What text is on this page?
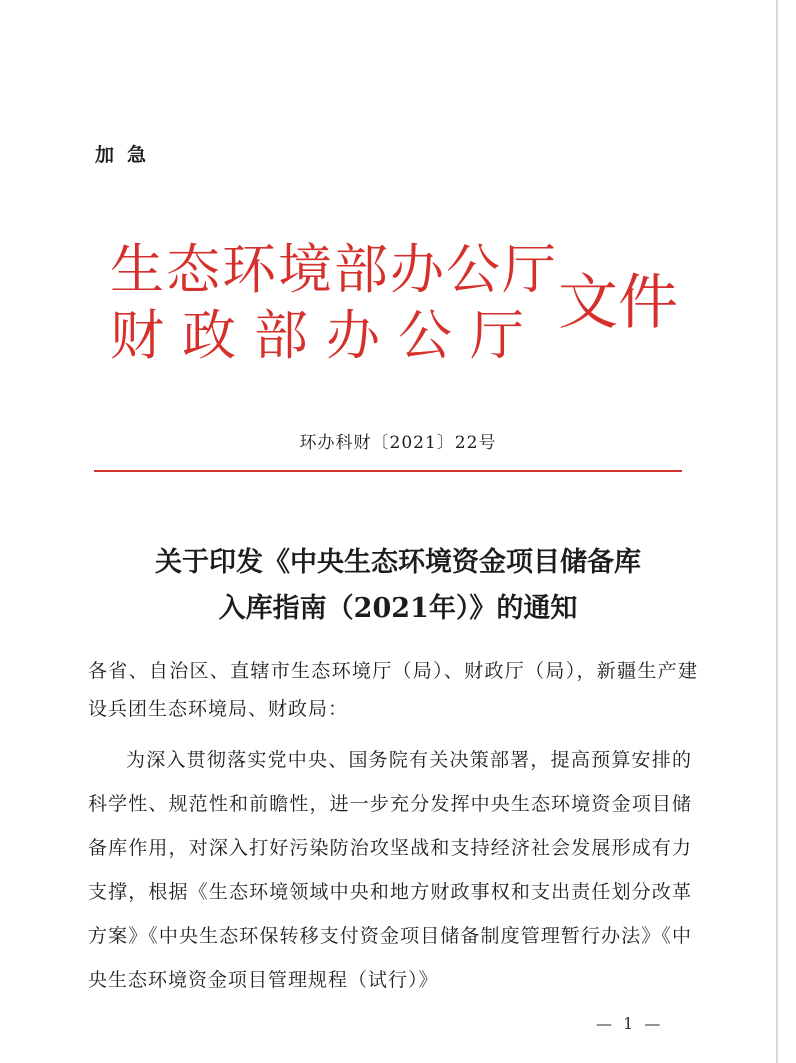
加急
生态环境部办公厅
财政部办公厅 文件
环办科财〔2021〕22号
关于印发《中央生态环境资金项目储备库
入库指南（2021年）》的通知
各省、自治区、直辖市生态环境厅（局）、财政厅（局），新疆生产建设兵团生态环境局、财政局：
为深入贯彻落实党中央、国务院有关决策部署，提高预算安排的科学性、规范性和前瞻性，进一步充分发挥中央生态环境资金项目储备库作用，对深入打好污染防治攻坚战和支持经济社会发展形成有力支撑，根据《生态环境领域中央和地方财政事权和支出责任划分改革方案》《中央生态环保转移支付资金项目储备制度管理暂行办法》《中央生态环境资金项目管理规程（试行）》
— 1 —
